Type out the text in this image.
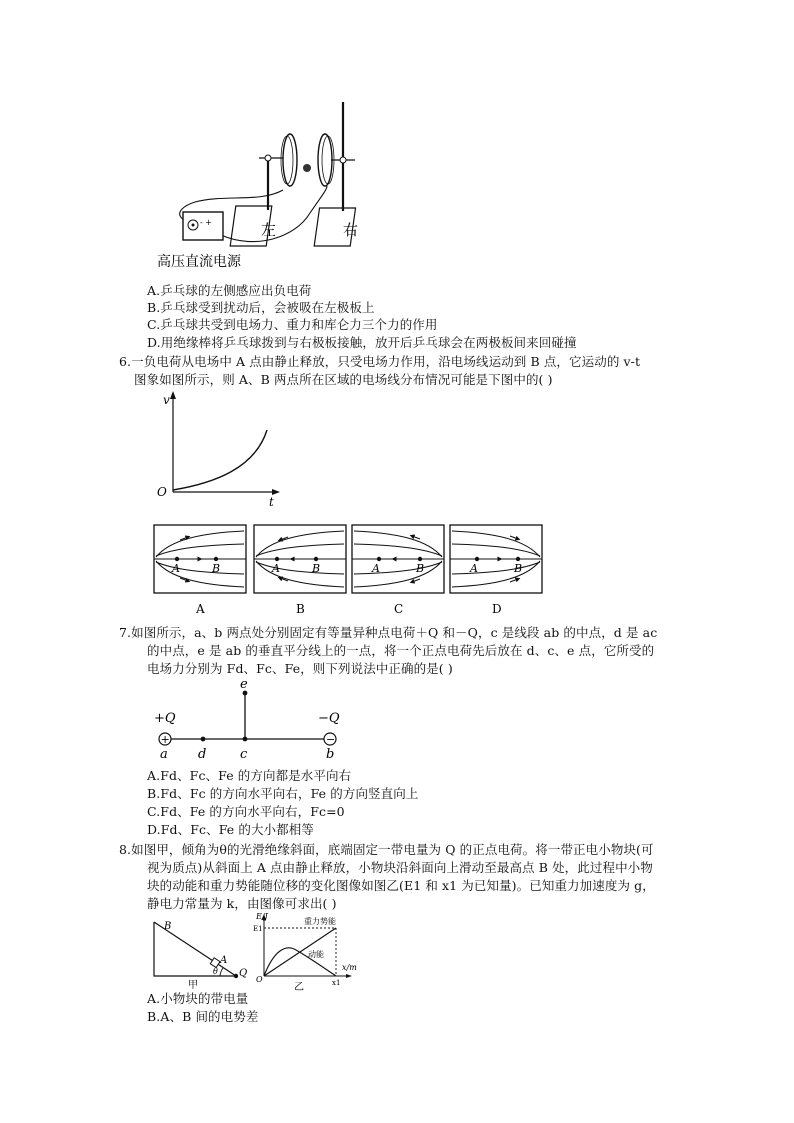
- +	左	右
高压直流电源
A.乒乓球的左侧感应出负电荷
B.乒乓球受到扰动后，会被吸在左极板上
C.乒乓球共受到电场力、重力和库仑力三个力的作用
D.用绝缘棒将乒乓球拨到与右极板接触，放开后乒乓球会在两极板间来回碰撞
6.一负电荷从电场中 A 点由静止释放，只受电场力作用，沿电场线运动到 B 点，它运动的 v-t
图象如图所示，则 A、B 两点所在区域的电场线分布情况可能是下图中的( )
v
t
O
A	B
A
A	B
B
A	B
C
A	B
D
7.如图所示，a、b 两点处分别固定有等量异种点电荷＋Q 和－Q，c 是线段 ab 的中点，d 是 ac
的中点，e 是 ab 的垂直平分线上的一点，将一个正点电荷先后放在 d、c、e 点，它所受的
电场力分别为 Fd、Fc、Fe，则下列说法中正确的是( )
+	−
+Q	−Q
a d	c	b
e
A.Fd、Fc、Fe 的方向都是水平向右
B.Fd、Fc 的方向水平向右，Fe 的方向竖直向上
C.Fd、Fe 的方向水平向右，Fc=0
D.Fd、Fc、Fe 的大小都相等
8.如图甲，倾角为θ的光滑绝缘斜面，底端固定一带电量为 Q 的正点电荷。将一带正电小物块(可
视为质点)从斜面上 A 点由静止释放，小物块沿斜面向上滑动至最高点 B 处，此过程中小物
块的动能和重力势能随位移的变化图像如图乙(E1 和 x1 为已知量)。已知重力加速度为 g，
静电力常量为 k，由图像可求出( )
B
A
θ Q
甲
E/J
E1
重力势能
动能
x/m
x1
O
乙
A.小物块的带电量
B.A、B 间的电势差
